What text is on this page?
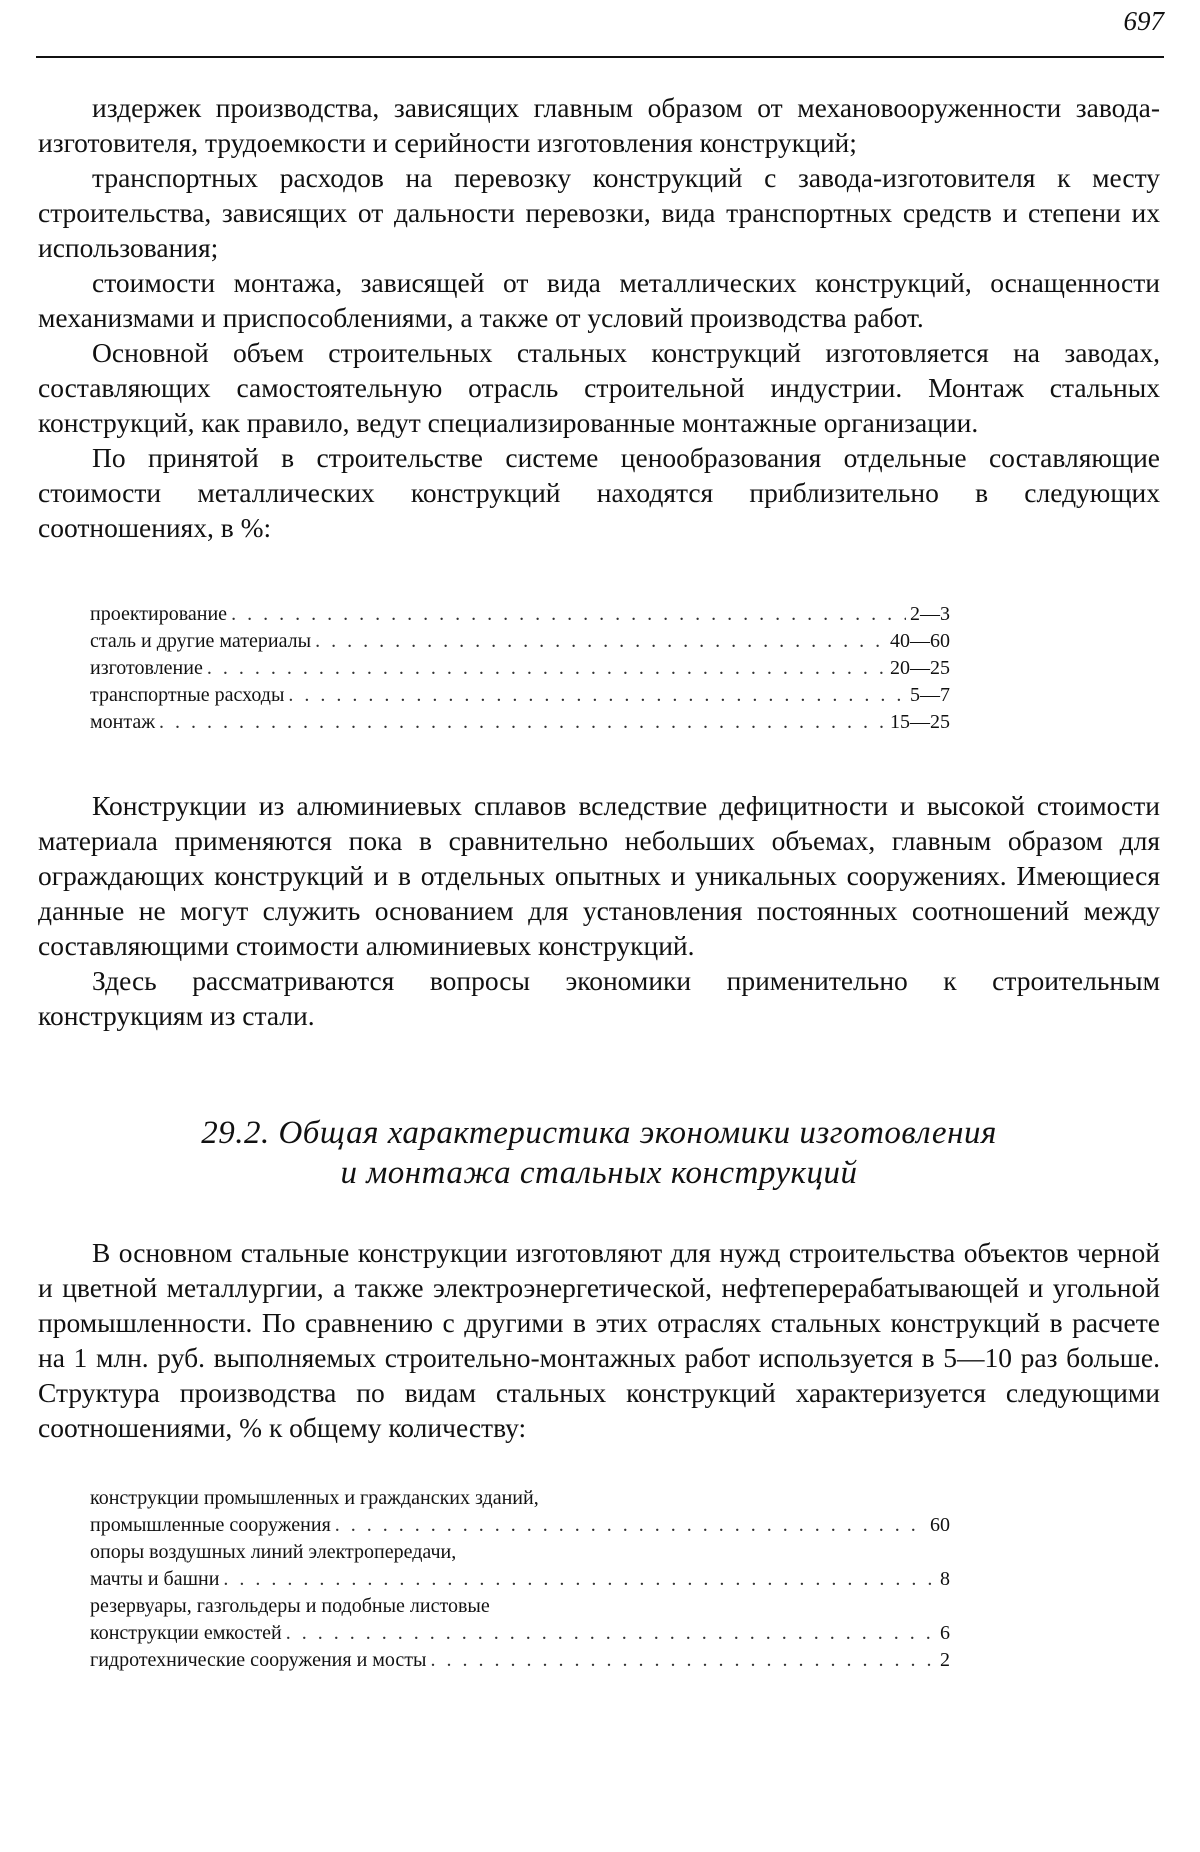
697

издержек производства, зависящих главным образом от механовооруженности завода-изготовителя, трудоемкости и серийности изготовления конструкций;

транспортных расходов на перевозку конструкций с завода-изготовителя к месту строительства, зависящих от дальности перевозки, вида транспортных средств и степени их использования;

стоимости монтажа, зависящей от вида металлических конструкций, оснащенности механизмами и приспособлениями, а также от условий производства работ.

Основной объем строительных стальных конструкций изготовляется на заводах, составляющих самостоятельную отрасль строительной индустрии. Монтаж стальных конструкций, как правило, ведут специализированные монтажные организации.

По принятой в строительстве системе ценообразования отдельные составляющие стоимости металлических конструкций находятся приблизительно в следующих соотношениях, в %:

проектирование . . .	2—3
сталь и другие материалы . . .	40—60
изготовление . . .	20—25
транспортные расходы . . .	5—7
монтаж . . .	15—25

Конструкции из алюминиевых сплавов вследствие дефицитности и высокой стоимости материала применяются пока в сравнительно небольших объемах, главным образом для ограждающих конструкций и в отдельных опытных и уникальных сооружениях. Имеющиеся данные не могут служить основанием для установления постоянных соотношений между составляющими стоимости алюминиевых конструкций.

Здесь рассматриваются вопросы экономики применительно к строительным конструкциям из стали.

29.2. Общая характеристика экономики изготовления
и монтажа стальных конструкций

В основном стальные конструкции изготовляют для нужд строительства объектов черной и цветной металлургии, а также электроэнергетической, нефтеперерабатывающей и угольной промышленности. По сравнению с другими в этих отраслях стальных конструкций в расчете на 1 млн. руб. выполняемых строительно-монтажных работ используется в 5—10 раз больше. Структура производства по видам стальных конструкций характеризуется следующими соотношениями, % к общему количеству:

конструкции промышленных и гражданских зданий,
промышленные сооружения . . .	60
опоры воздушных линий электропередачи,
мачты и башни . . .	8
резервуары, газгольдеры и подобные листовые
конструкции емкостей . . .	6
гидротехнические сооружения и мосты . . .	2
